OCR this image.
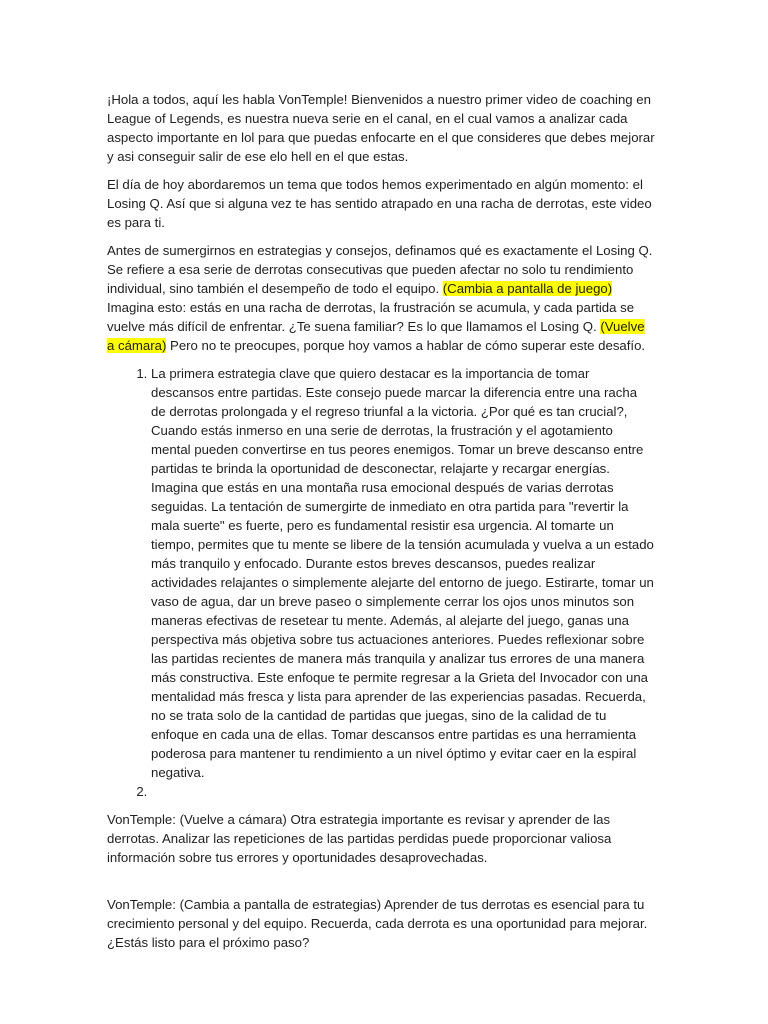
¡Hola a todos, aquí les habla VonTemple! Bienvenidos a nuestro primer video de coaching en League of Legends, es nuestra nueva serie en el canal, en el cual vamos a analizar cada aspecto importante en lol para que puedas enfocarte en el que consideres que debes mejorar y asi conseguir salir de ese elo hell en el que estas.

El día de hoy abordaremos un tema que todos hemos experimentado en algún momento: el Losing Q. Así que si alguna vez te has sentido atrapado en una racha de derrotas, este video es para ti.

Antes de sumergirnos en estrategias y consejos, definamos qué es exactamente el Losing Q. Se refiere a esa serie de derrotas consecutivas que pueden afectar no solo tu rendimiento individual, sino también el desempeño de todo el equipo. (Cambia a pantalla de juego) Imagina esto: estás en una racha de derrotas, la frustración se acumula, y cada partida se vuelve más difícil de enfrentar. ¿Te suena familiar? Es lo que llamamos el Losing Q. (Vuelve a cámara) Pero no te preocupes, porque hoy vamos a hablar de cómo superar este desafío.

1. La primera estrategia clave que quiero destacar es la importancia de tomar descansos entre partidas. Este consejo puede marcar la diferencia entre una racha de derrotas prolongada y el regreso triunfal a la victoria. ¿Por qué es tan crucial?, Cuando estás inmerso en una serie de derrotas, la frustración y el agotamiento mental pueden convertirse en tus peores enemigos. Tomar un breve descanso entre partidas te brinda la oportunidad de desconectar, relajarte y recargar energías. Imagina que estás en una montaña rusa emocional después de varias derrotas seguidas. La tentación de sumergirte de inmediato en otra partida para "revertir la mala suerte" es fuerte, pero es fundamental resistir esa urgencia. Al tomarte un tiempo, permites que tu mente se libere de la tensión acumulada y vuelva a un estado más tranquilo y enfocado. Durante estos breves descansos, puedes realizar actividades relajantes o simplemente alejarte del entorno de juego. Estirarte, tomar un vaso de agua, dar un breve paseo o simplemente cerrar los ojos unos minutos son maneras efectivas de resetear tu mente. Además, al alejarte del juego, ganas una perspectiva más objetiva sobre tus actuaciones anteriores. Puedes reflexionar sobre las partidas recientes de manera más tranquila y analizar tus errores de una manera más constructiva. Este enfoque te permite regresar a la Grieta del Invocador con una mentalidad más fresca y lista para aprender de las experiencias pasadas. Recuerda, no se trata solo de la cantidad de partidas que juegas, sino de la calidad de tu enfoque en cada una de ellas. Tomar descansos entre partidas es una herramienta poderosa para mantener tu rendimiento a un nivel óptimo y evitar caer en la espiral negativa.
2.

VonTemple: (Vuelve a cámara) Otra estrategia importante es revisar y aprender de las derrotas. Analizar las repeticiones de las partidas perdidas puede proporcionar valiosa información sobre tus errores y oportunidades desaprovechadas.

VonTemple: (Cambia a pantalla de estrategias) Aprender de tus derrotas es esencial para tu crecimiento personal y del equipo. Recuerda, cada derrota es una oportunidad para mejorar. ¿Estás listo para el próximo paso?
